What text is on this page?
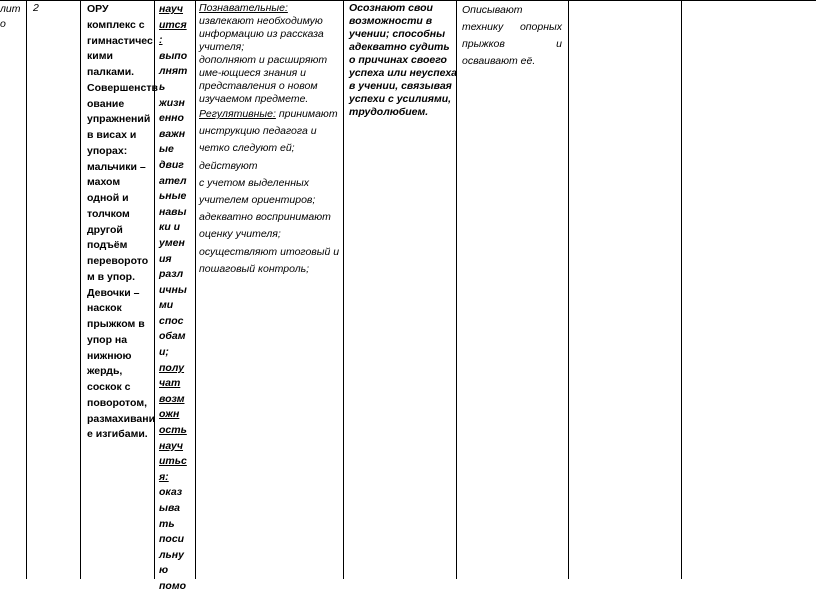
лит
о
2	ОРУ
комплекс с
гимнастичес
кими
палками.
Совершенств
ование
упражнений
в висах и
упорах:
мальчики –
махом
одной и
толчком
другой
подъём
переворото
м в упор.
Девочки –
наскок
прыжком в
упор на
нижнюю
жердь,
соскок с
поворотом,
размахивани
е изгибами.
науч
ится
:
выпо
лнят
ь
жизн
енно
важн
ые
двиг
ател
ьные
навы
ки и
умен
ия
разл
ичны
ми
спос
обам
и;
полу
чат
возм
ожн
ость
науч
итьс
я:
оказ
ыва
ть
поси
льну
ю
помо
Познавательные:
извлекают необходимую
информацию из рассказа
учителя;
дополняют и расширяют
име-ющиеся знания и
представления о новом
изучаемом предмете.
Регулятивные: принимают
инструкцию педагога и
четко следуют ей;
действуют
с учетом выделенных
учителем ориентиров;
адекватно воспринимают
оценку учителя;
осуществляют итоговый и
пошаговый контроль;
Осознают свои
возможности в
учении; способны
адекватно судить
о причинах своего
успеха или неуспеха
в учении, связывая
успехи с усилиями,
трудолюбием.
Описывают
технику опорных
прыжков	и
осваивают её.
